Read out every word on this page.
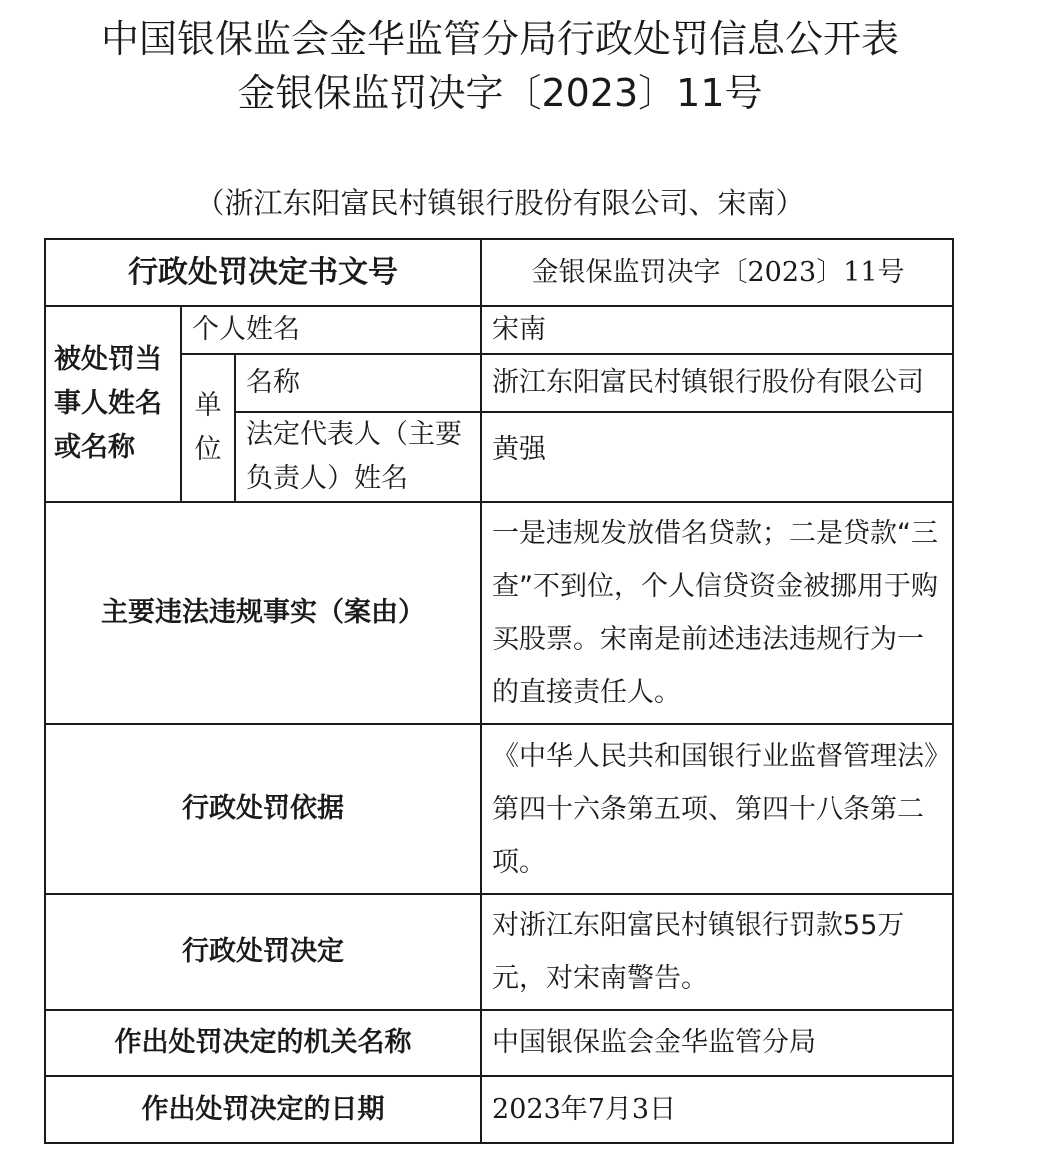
中国银保监会金华监管分局行政处罚信息公开表
金银保监罚决字〔2023〕11号
（浙江东阳富民村镇银行股份有限公司、宋南）
行政处罚决定书文号			金银保监罚决字〔2023〕11号
被处罚当事人姓名或名称	个人姓名		宋南
	单位	名称	浙江东阳富民村镇银行股份有限公司
		法定代表人（主要负责人）姓名	黄强
主要违法违规事实（案由）			一是违规发放借名贷款；二是贷款“三查”不到位，个人信贷资金被挪用于购买股票。宋南是前述违法违规行为一的直接责任人。
行政处罚依据			《中华人民共和国银行业监督管理法》第四十六条第五项、第四十八条第二项。
行政处罚决定			对浙江东阳富民村镇银行罚款55万元，对宋南警告。
作出处罚决定的机关名称			中国银保监会金华监管分局
作出处罚决定的日期			2023年7月3日
